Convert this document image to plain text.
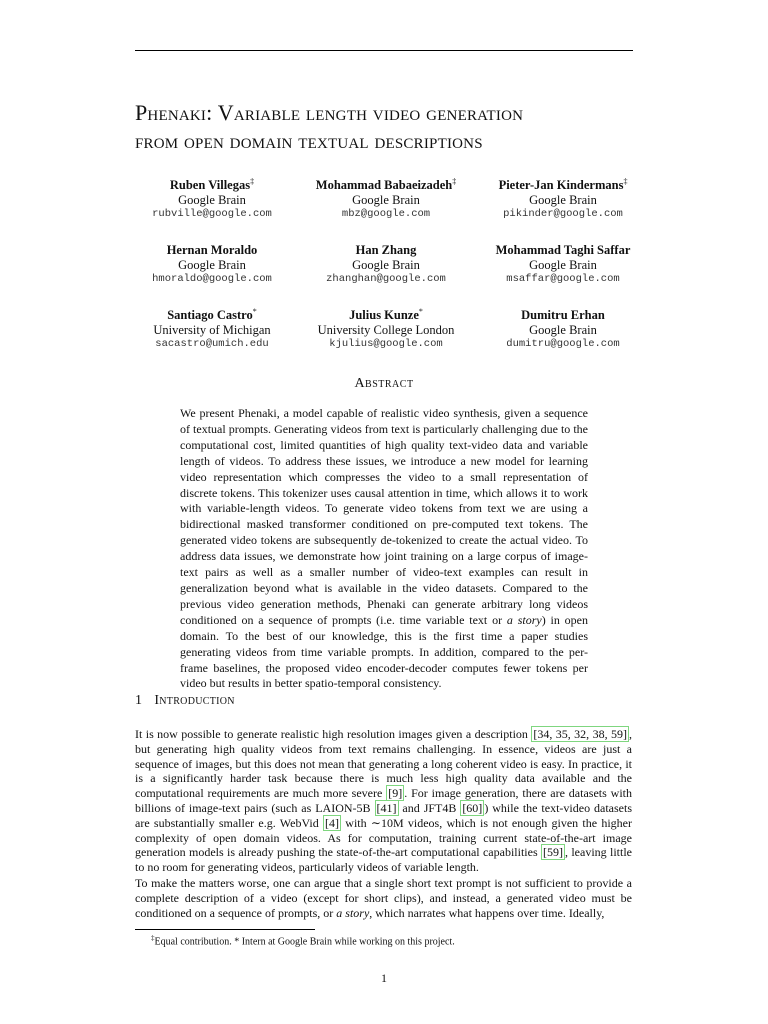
Phenaki: Variable length video generation
from open domain textual descriptions
Ruben Villegas‡
Google Brain
rubville@google.com
Mohammad Babaeizadeh‡
Google Brain
mbz@google.com
Pieter-Jan Kindermans‡
Google Brain
pikinder@google.com
Hernan Moraldo
Google Brain
hmoraldo@google.com
Han Zhang
Google Brain
zhanghan@google.com
Mohammad Taghi Saffar
Google Brain
msaffar@google.com
Santiago Castro*
University of Michigan
sacastro@umich.edu
Julius Kunze*
University College London
kjulius@google.com
Dumitru Erhan
Google Brain
dumitru@google.com
Abstract
We present Phenaki, a model capable of realistic video synthesis, given a sequence of textual prompts. Generating videos from text is particularly challenging due to the computational cost, limited quantities of high quality text-video data and variable length of videos. To address these issues, we introduce a new model for learning video representation which compresses the video to a small representation of discrete tokens. This tokenizer uses causal attention in time, which allows it to work with variable-length videos. To generate video tokens from text we are using a bidirectional masked transformer conditioned on pre-computed text tokens. The generated video tokens are subsequently de-tokenized to create the actual video. To address data issues, we demonstrate how joint training on a large corpus of image-text pairs as well as a smaller number of video-text examples can result in generalization beyond what is available in the video datasets. Compared to the previous video generation methods, Phenaki can generate arbitrary long videos conditioned on a sequence of prompts (i.e. time variable text or a story) in open domain. To the best of our knowledge, this is the first time a paper studies generating videos from time variable prompts. In addition, compared to the per-frame baselines, the proposed video encoder-decoder computes fewer tokens per video but results in better spatio-temporal consistency.
1 Introduction
It is now possible to generate realistic high resolution images given a description [34, 35, 32, 38, 59] , but generating high quality videos from text remains challenging. In essence, videos are just a sequence of images, but this does not mean that generating a long coherent video is easy. In practice, it is a significantly harder task because there is much less high quality data available and the computational requirements are much more severe [9] . For image generation, there are datasets with billions of image-text pairs (such as LAION-5B [41] and JFT4B [60] ) while the text-video datasets are substantially smaller e.g. WebVid [4] with ∼10M videos, which is not enough given the higher complexity of open domain videos. As for computation, training current state-of-the-art image generation models is already pushing the state-of-the-art computational capabilities [59] , leaving little to no room for generating videos, particularly videos of variable length.
To make the matters worse, one can argue that a single short text prompt is not sufficient to provide a complete description of a video (except for short clips), and instead, a generated video must be conditioned on a sequence of prompts, or a story, which narrates what happens over time. Ideally,
‡Equal contribution. * Intern at Google Brain while working on this project.
1
